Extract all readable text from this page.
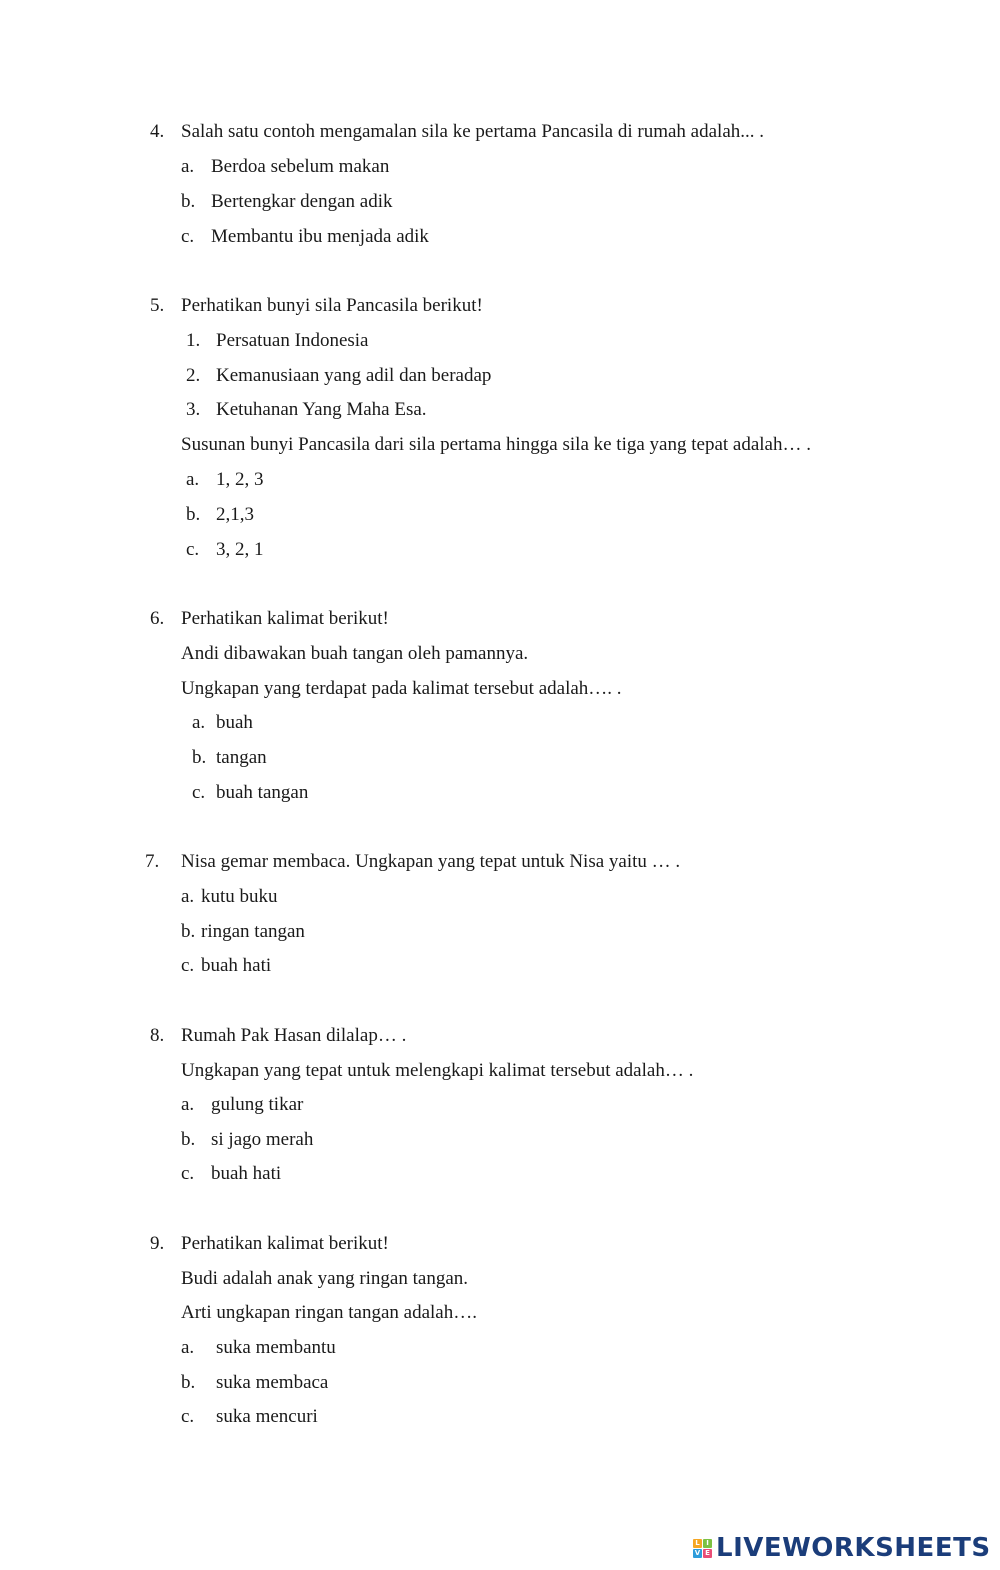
4. Salah satu contoh mengamalan sila ke pertama Pancasila di rumah adalah... .
a. Berdoa sebelum makan
b. Bertengkar dengan adik
c. Membantu ibu menjada adik
5. Perhatikan bunyi sila Pancasila berikut!
1. Persatuan Indonesia
2. Kemanusiaan yang adil dan beradap
3. Ketuhanan Yang Maha Esa.
Susunan bunyi Pancasila dari sila pertama hingga sila ke tiga yang tepat adalah… .
a. 1, 2, 3
b. 2,1,3
c. 3, 2, 1
6. Perhatikan kalimat berikut!
Andi dibawakan buah tangan oleh pamannya.
Ungkapan yang terdapat pada kalimat tersebut adalah…. .
a. buah
b. tangan
c. buah tangan
7. Nisa gemar membaca. Ungkapan yang tepat untuk Nisa yaitu … .
a. kutu buku
b. ringan tangan
c. buah hati
8. Rumah Pak Hasan dilalap… .
Ungkapan yang tepat untuk melengkapi kalimat tersebut adalah… .
a. gulung tikar
b. si jago merah
c. buah hati
9. Perhatikan kalimat berikut!
Budi adalah anak yang ringan tangan.
Arti ungkapan ringan tangan adalah….
a. suka membantu
b. suka membaca
c. suka mencuri
L I
V E LIVEWORKSHEETS
